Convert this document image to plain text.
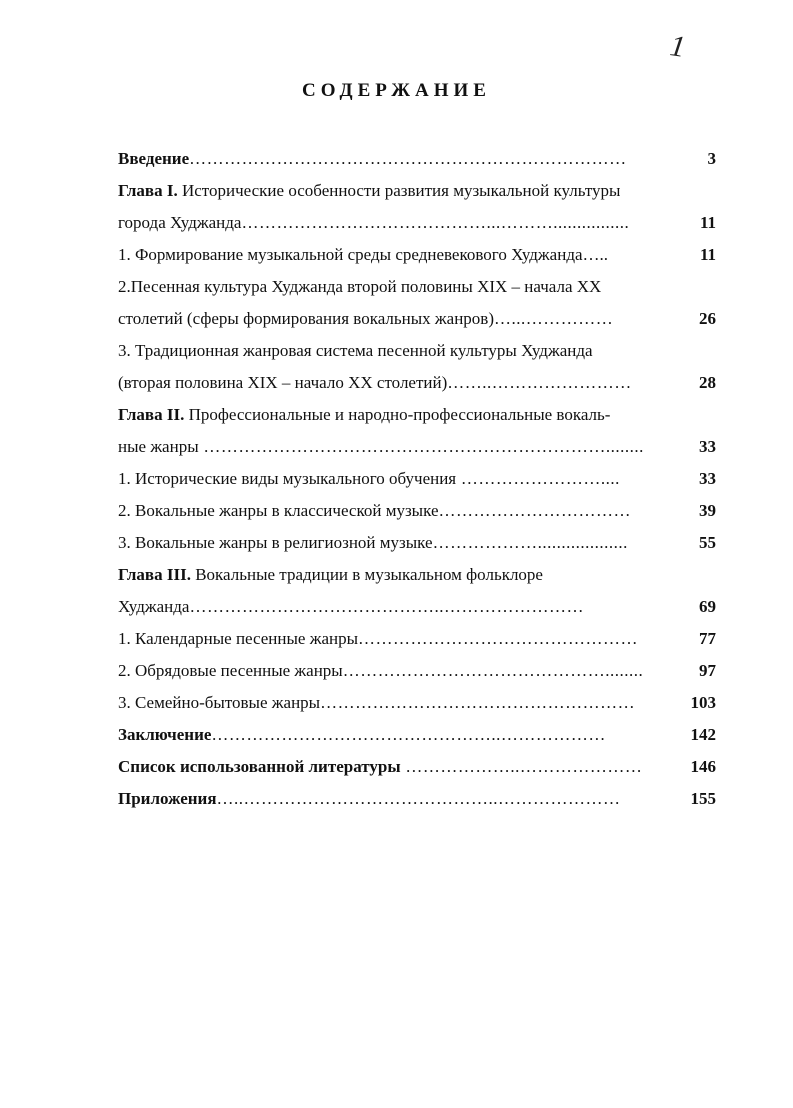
1
СОДЕРЖАНИЕ
Введение…………………………………………………………………	3
Глава I. Исторические особенности развития музыкальной культуры
города Худжанда……………………………………...………................	11
1. Формирование музыкальной среды средневекового Худжанда…..	11
2.Песенная культура Худжанда второй половины XIX – начала XX
столетий (сферы формирования вокальных жанров)…...……………	26
3. Традиционная жанровая система песенной культуры Худжанда
(вторая половина XIX – начало XX столетий)……..……………………	28
Глава II. Профессиональные и народно-профессиональные вокаль-
ные жанры ……………………………………………………………........	33
1. Исторические виды музыкального обучения ……………………....	33
2. Вокальные жанры в классической музыке……………………………	39
3. Вокальные жанры в религиозной музыке………………...................	55
Глава III. Вокальные традиции в музыкальном фольклоре
Худжанда……………………………………..……………………	69
1. Календарные песенные жанры…………………………………………	77
2. Обрядовые песенные жанры………………………………………........	97
3. Семейно-бытовые жанры………………………………………………	103
Заключение…………………………………………..………………	142
Список использованной литературы ………………..…………………	146
Приложения…..……………………………………..…………………	155
